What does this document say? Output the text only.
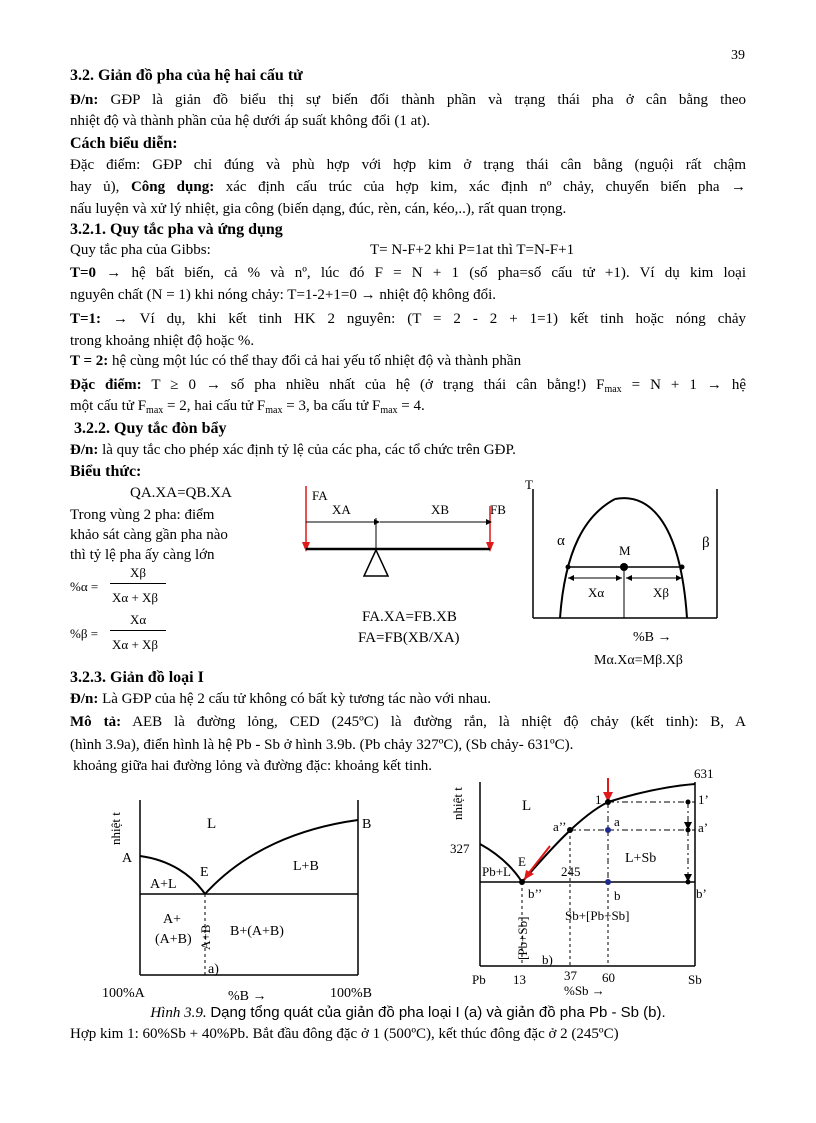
39
3.2. Giản đồ pha của hệ hai cấu tử
Đ/n: GĐP là giản đồ biểu thị sự biến đổi thành phần và trạng thái pha ở cân bằng theo
nhiệt độ và thành phần của hệ dưới áp suất không đổi (1 at).
Cách biểu diễn:
Đặc điểm: GĐP chỉ đúng và phù hợp với hợp kim ở trạng thái cân bằng (nguội rất chậm
hay ủ), Công dụng: xác định cấu trúc của hợp kim, xác định nº chảy, chuyển biến pha →
nấu luyện và xử lý nhiệt, gia công (biến dạng, đúc, rèn, cán, kéo,..), rất quan trọng.
3.2.1. Quy tắc pha và ứng dụng
Quy tắc pha của Gibbs:	T= N-F+2 khi P=1at thì T=N-F+1
T=0 → hệ bất biến, cả % và nº, lúc đó F = N + 1 (số pha=số cấu tử +1). Ví dụ kim loại
nguyên chất (N = 1) khi nóng chảy: T=1-2+1=0 → nhiệt độ không đổi.
T=1: → Ví dụ, khi kết tinh HK 2 nguyên: (T = 2 - 2 + 1=1) kết tinh hoặc nóng chảy
trong khoảng nhiệt độ hoặc %.
T = 2: hệ cùng một lúc có thể thay đổi cả hai yếu tố nhiệt độ và thành phần
Đặc điểm: T ≥ 0 → số pha nhiều nhất của hệ (ở trạng thái cân bằng!) $F_{max} = N + 1$ → hệ
một cấu tử $F_{max} = 2$, hai cấu tử $F_{max} = 3$, ba cấu tử $F_{max} = 4$.
3.2.2. Quy tắc đòn bẩy
Đ/n: là quy tắc cho phép xác định tỷ lệ của các pha, các tổ chức trên GĐP.
Biểu thức:
QA.XA=QB.XA
Trong vùng 2 pha: điểm
khảo sát càng gần pha nào
thì tỷ lệ pha ấy càng lớn
%α =
Xβ
Xα + Xβ
%β =
Xα
Xα + Xβ
FA
XA	XB	FB
FA.XA=FB.XB
FA=FB(XB/XA)
T
α	β
M
Xα	Xβ
%B →
Mα.Xα=Mβ.Xβ
3.2.3. Giản đồ loại I
Đ/n: Là GĐP của hệ 2 cấu tử không có bất kỳ tương tác nào với nhau.
Mô tả: AEB là đường lỏng, CED (245ºC) là đường rắn, là nhiệt độ chảy (kết tinh): B, A
(hình 3.9a), điển hình là hệ Pb - Sb ở hình 3.9b. (Pb chảy 327ºC), (Sb chảy- 631ºC).
khoảng giữa hai đường lỏng và đường đặc: khoảng kết tinh.
nhiệt t	L
A
B
E
A+L
L+B
A+
(A+B) A+B B+(A+B)
a)
100%A	%B →	100%B
nhiệt t	L
631
327
245
1	1’
a
a’’	a’
b
b’’	b’
E
Pb+L
L+Sb
[Pb+Sb]
Sb+[Pb+Sb]
b)
Pb 13	37 60	Sb
%Sb →
Hình 3.9. Dạng tổng quát của giản đồ pha loại I (a) và giản đồ pha Pb - Sb (b).
Hợp kim 1: 60%Sb + 40%Pb. Bắt đầu đông đặc ở 1 (500ºC), kết thúc đông đặc ở 2 (245ºC)
